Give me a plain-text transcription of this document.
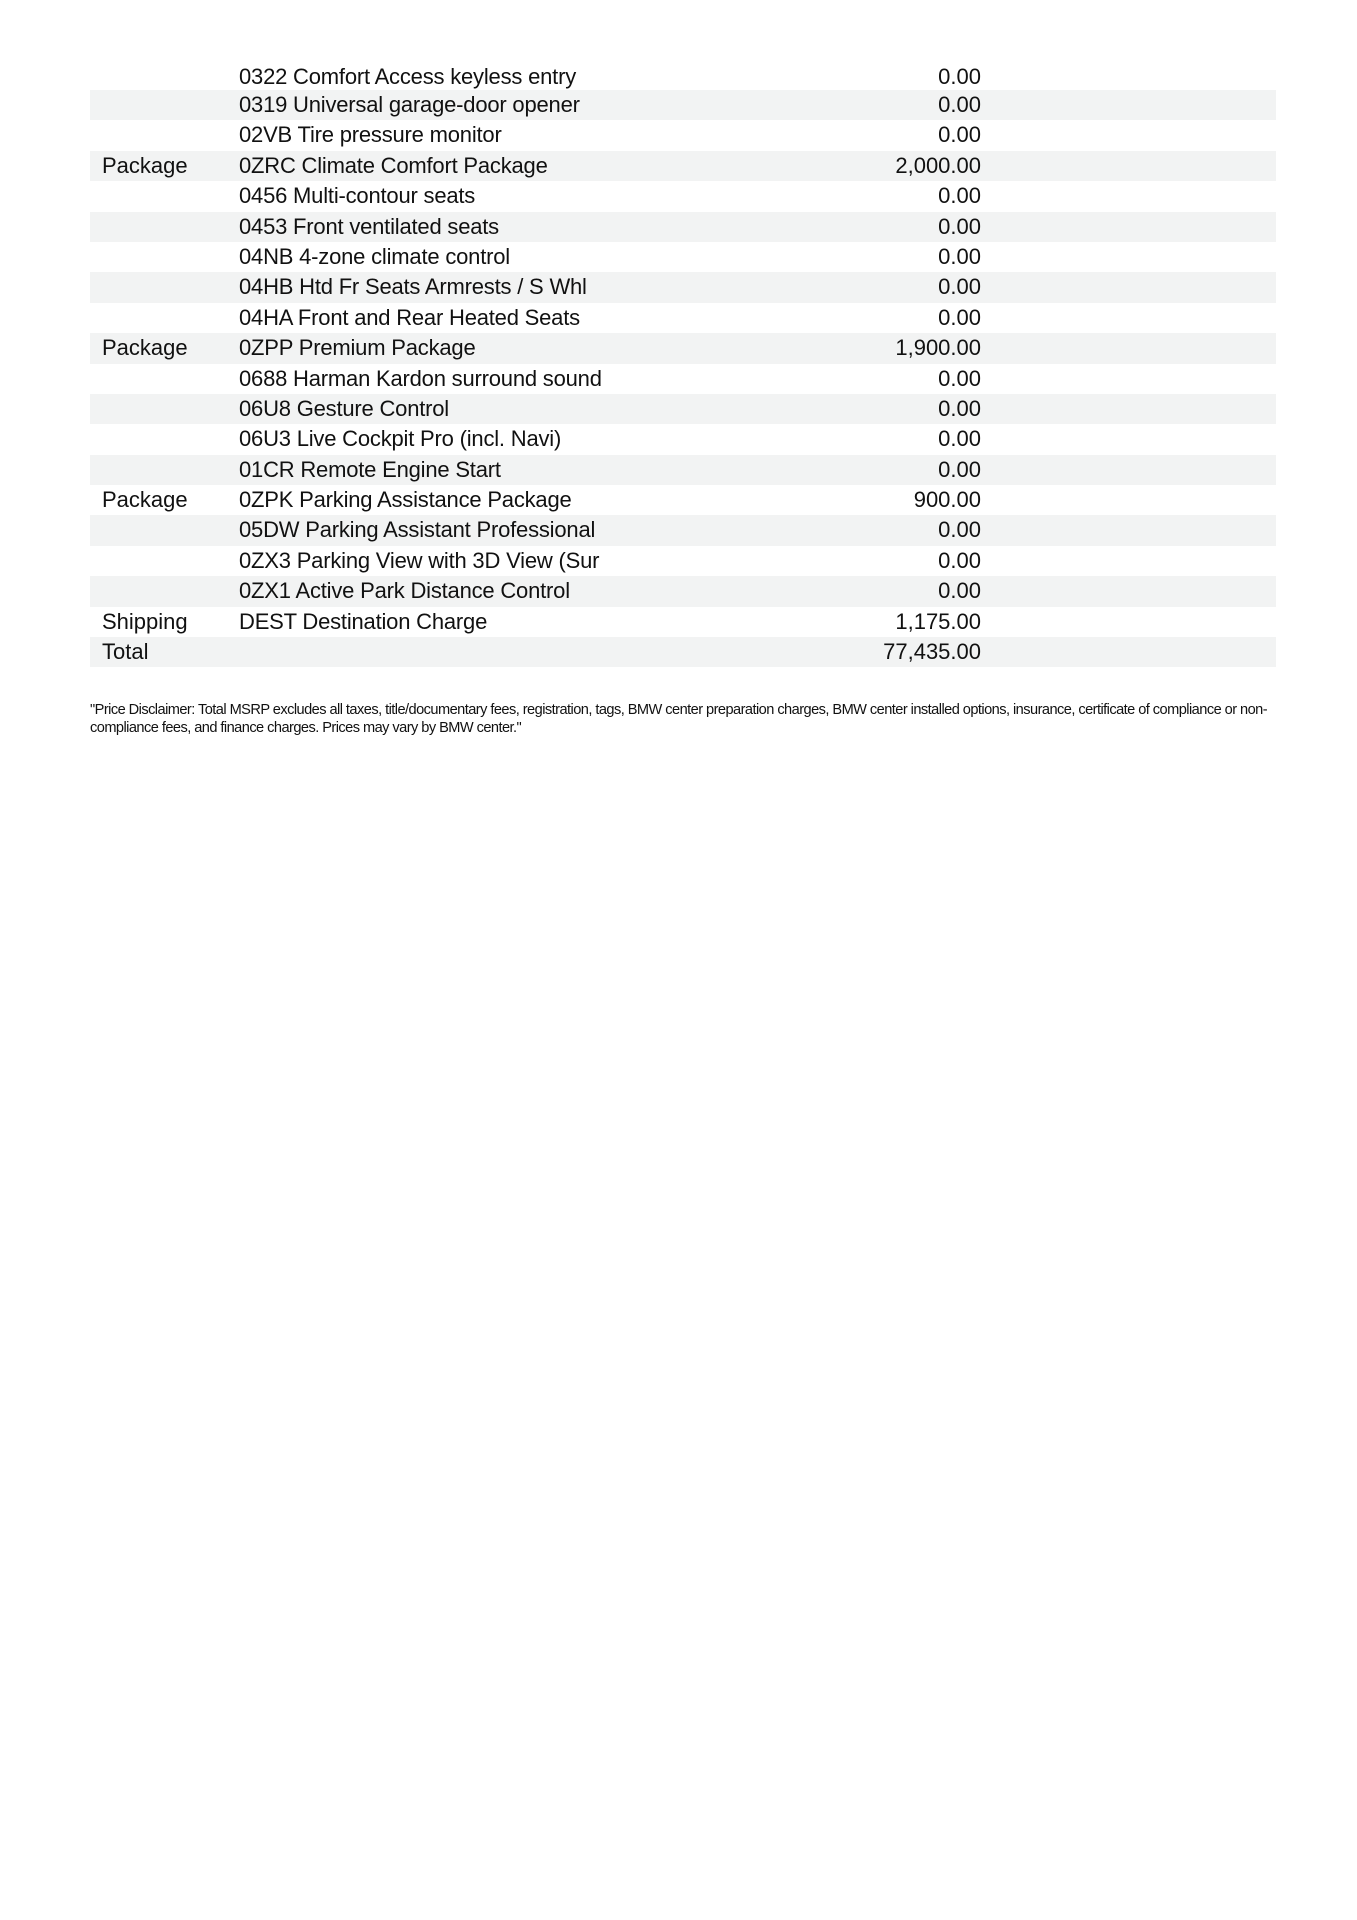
0322 Comfort Access keyless entry	0.00
0319 Universal garage-door opener	0.00
02VB Tire pressure monitor	0.00
Package 0ZRC Climate Comfort Package	2,000.00
0456 Multi-contour seats	0.00
0453 Front ventilated seats	0.00
04NB 4-zone climate control	0.00
04HB Htd Fr Seats Armrests / S Whl	0.00
04HA Front and Rear Heated Seats	0.00
Package 0ZPP Premium Package	1,900.00
0688 Harman Kardon surround sound	0.00
06U8 Gesture Control	0.00
06U3 Live Cockpit Pro (incl. Navi)	0.00
01CR Remote Engine Start	0.00
Package 0ZPK Parking Assistance Package	900.00
05DW Parking Assistant Professional	0.00
0ZX3 Parking View with 3D View (Sur	0.00
0ZX1 Active Park Distance Control	0.00
Shipping DEST Destination Charge	1,175.00
Total	77,435.00

"Price Disclaimer: Total MSRP excludes all taxes, title/documentary fees, registration, tags, BMW center preparation charges, BMW center installed options, insurance, certificate of compliance or non-compliance fees, and finance charges. Prices may vary by BMW center."
